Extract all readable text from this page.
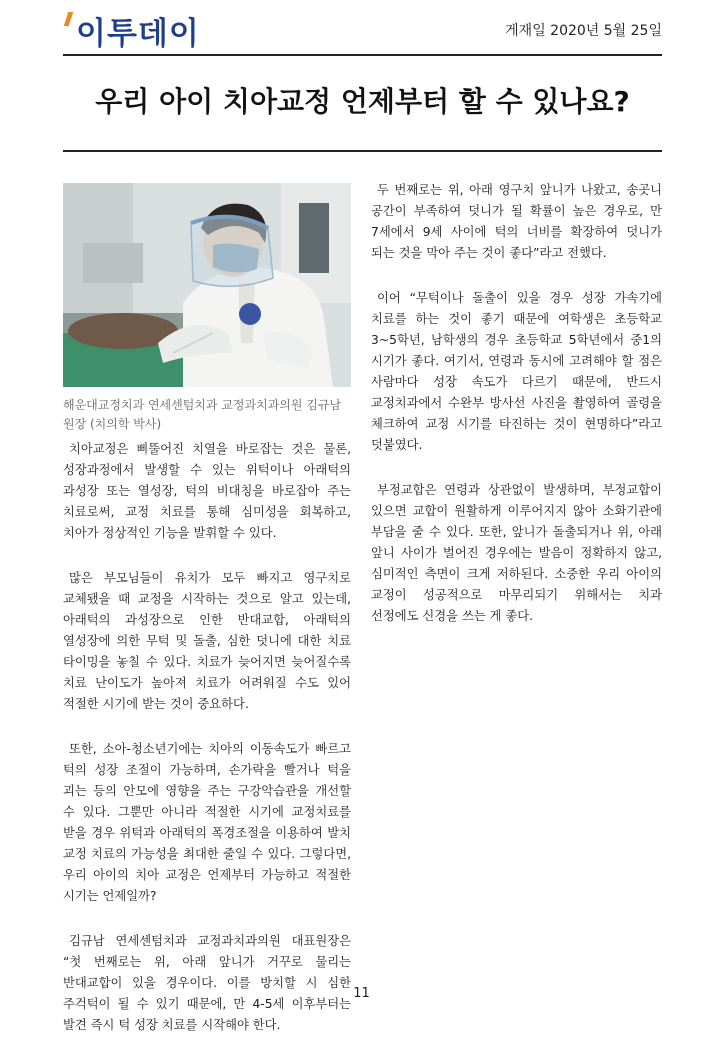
이투데이	게재일 2020년 5월 25일
우리 아이 치아교정 언제부터 할 수 있나요?
해운대교정치과 연세센텀치과 교정과치과의원 김규남 원장 (치의학 박사)

치아교정은 삐뚤어진 치열을 바로잡는 것은 물론, 성장과정에서 발생할 수 있는 위턱이나 아래턱의 과성장 또는 열성장, 턱의 비대칭을 바로잡아 주는 치료로써, 교정 치료를 통해 심미성을 회복하고, 치아가 정상적인 기능을 발휘할 수 있다.

많은 부모님들이 유치가 모두 빠지고 영구치로 교체됐을 때 교정을 시작하는 것으로 알고 있는데, 아래턱의 과성장으로 인한 반대교합, 아래턱의 열성장에 의한 무턱 및 돌출, 심한 덧니에 대한 치료 타이밍을 놓칠 수 있다. 치료가 늦어지면 늦어질수록 치료 난이도가 높아져 치료가 어려워질 수도 있어 적절한 시기에 받는 것이 중요하다.

또한, 소아-청소년기에는 치아의 이동속도가 빠르고 턱의 성장 조절이 가능하며, 손가락을 빨거나 턱을 괴는 등의 안모에 영향을 주는 구강악습관을 개선할 수 있다. 그뿐만 아니라 적절한 시기에 교정치료를 받을 경우 위턱과 아래턱의 폭경조절을 이용하여 발치 교정 치료의 가능성을 최대한 줄일 수 있다. 그렇다면, 우리 아이의 치아 교정은 언제부터 가능하고 적절한 시기는 언제일까?

김규남 연세센텀치과 교정과치과의원 대표원장은 “첫 번째로는 위, 아래 앞니가 거꾸로 물리는 반대교합이 있을 경우이다. 이를 방치할 시 심한 주걱턱이 될 수 있기 때문에, 만 4-5세 이후부터는 발견 즉시 턱 성장 치료를 시작해야 한다.

두 번째로는 위, 아래 영구치 앞니가 나왔고, 송곳니 공간이 부족하여 덧니가 될 확률이 높은 경우로, 만 7세에서 9세 사이에 턱의 너비를 확장하여 덧니가 되는 것을 막아 주는 것이 좋다”라고 전했다.

이어 “무턱이나 돌출이 있을 경우 성장 가속기에 치료를 하는 것이 좋기 때문에 여학생은 초등학교 3~5학년, 남학생의 경우 초등학교 5학년에서 중1의 시기가 좋다. 여기서, 연령과 동시에 고려해야 할 점은 사람마다 성장 속도가 다르기 때문에, 반드시 교정치과에서 수완부 방사선 사진을 촬영하여 골령을 체크하여 교정 시기를 타진하는 것이 현명하다”라고 덧붙였다.

부정교합은 연령과 상관없이 발생하며, 부정교합이 있으면 교합이 원활하게 이루어지지 않아 소화기관에 부담을 줄 수 있다. 또한, 앞니가 돌출되거나 위, 아래 앞니 사이가 벌어진 경우에는 발음이 정확하지 않고, 심미적인 측면이 크게 저하된다. 소중한 우리 아이의 교정이 성공적으로 마무리되기 위해서는 치과 선정에도 신경을 쓰는 게 좋다.

11
